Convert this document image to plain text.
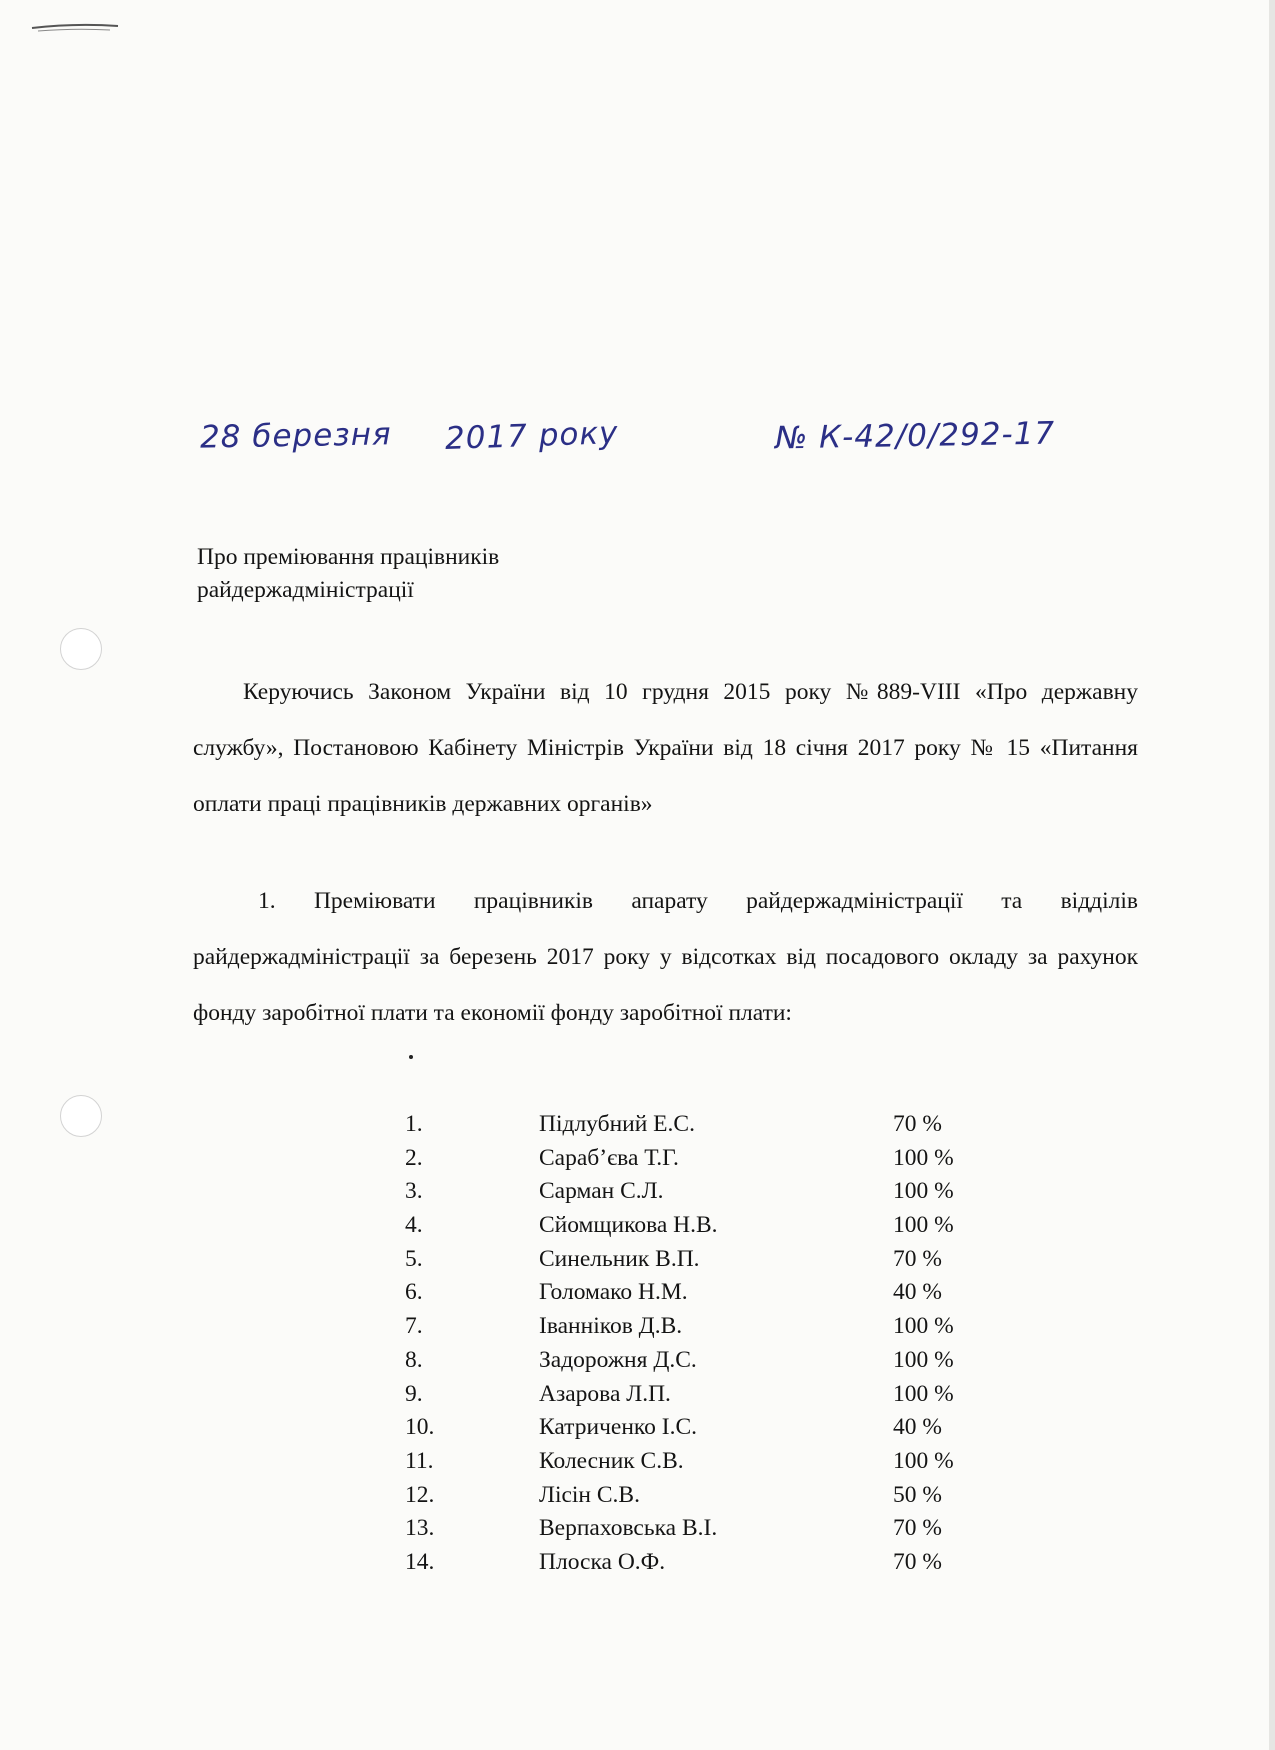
28 березня 2017 року	№ К-42/0/292-17
Про преміювання працівників
райдержадміністрації
Керуючись Законом України від 10 грудня 2015 року №889-VIII «Про державну службу», Постановою Кабінету Міністрів України від 18 січня 2017 року № 15 «Питання оплати праці працівників державних органів»
1. Преміювати працівників апарату райдержадміністрації та відділів райдержадміністрації за березень 2017 року у відсотках від посадового окладу за рахунок фонду заробітної плати та економії фонду заробітної плати:
1.	Підлубний Е.С.	70 %
2.	Сараб’єва Т.Г.	100 %
3.	Сарман С.Л.	100 %
4.	Сйомщикова Н.В.	100 %
5.	Синельник В.П.	70 %
6.	Голомако Н.М.	40 %
7.	Іванніков Д.В.	100 %
8.	Задорожня Д.С.	100 %
9.	Азарова Л.П.	100 %
10.	Катриченко І.С.	40 %
11.	Колесник С.В.	100 %
12.	Лісін С.В.	50 %
13.	Верпаховська В.І.	70 %
14.	Плоска О.Ф.	70 %
